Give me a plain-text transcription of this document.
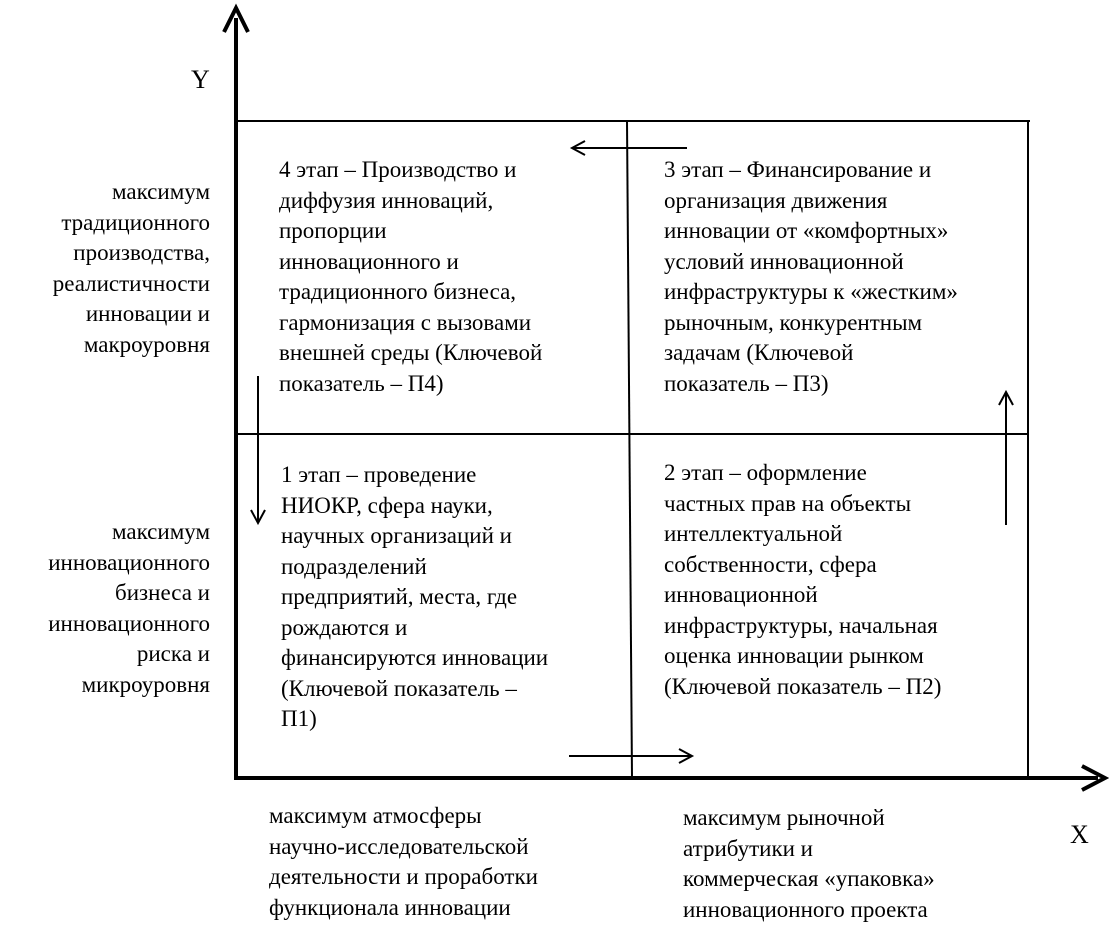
Y
X
4 этап – Производство и
диффузия инноваций,
пропорции
инновационного и
традиционного бизнеса,
гармонизация с вызовами
внешней среды (Ключевой
показатель – П4)
3 этап – Финансирование и
организация движения
инновации от «комфортных»
условий инновационной
инфраструктуры к «жестким»
рыночным, конкурентным
задачам (Ключевой
показатель – П3)
1 этап – проведение
НИОКР, сфера науки,
научных организаций и
подразделений
предприятий, места, где
рождаются и
финансируются инновации
(Ключевой показатель –
П1)
2 этап – оформление
частных прав на объекты
интеллектуальной
собственности, сфера
инновационной
инфраструктуры, начальная
оценка инновации рынком
(Ключевой показатель – П2)
максимум
традиционного
производства,
реалистичности
инновации и
макроуровня
максимум
инновационного
бизнеса и
инновационного
риска и
микроуровня
максимум атмосферы
научно-исследовательской
деятельности и проработки
функционала инновации
максимум рыночной
атрибутики и
коммерческая «упаковка»
инновационного проекта
